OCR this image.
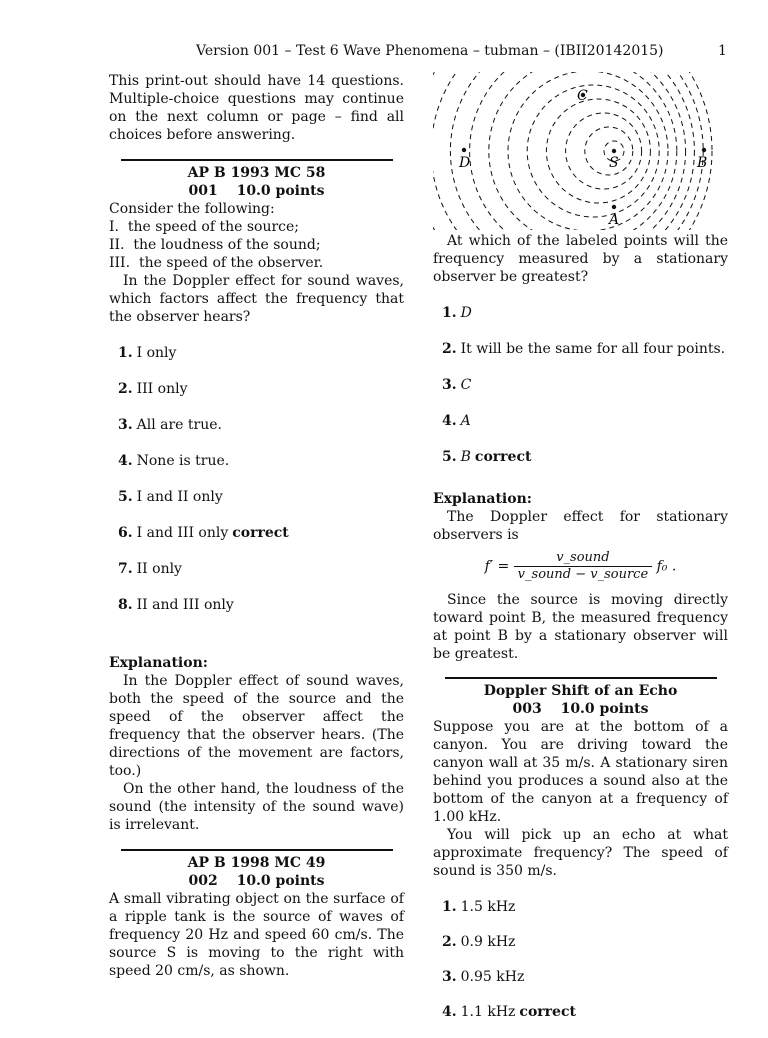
Version 001 – Test 6 Wave Phenomena – tubman – (IBII20142015)	1

This print-out should have 14 questions. Multiple-choice questions may continue on the next column or page – find all choices before answering.

AP B 1993 MC 58
001 10.0 points

Consider the following:

I.  the speed of the source;
II.  the loudness of the sound;
III.  the speed of the observer.

In the Doppler effect for sound waves, which factors affect the frequency that the observer hears?

1. I only
2. III only
3. All are true.
4. None is true.
5. I and II only
6. I and III only correct
7. II only
8. II and III only
Explanation:

In the Doppler effect of sound waves, both the speed of the source and the speed of the observer affect the frequency that the observer hears. (The directions of the movement are factors, too.)

On the other hand, the loudness of the sound (the intensity of the sound wave) is irrelevant.

AP B 1998 MC 49
002 10.0 points

A small vibrating object on the surface of a ripple tank is the source of waves of frequency 20 Hz and speed 60 cm/s. The source S is moving to the right with speed 20 cm/s, as shown.

C
D	S	B
A

At which of the labeled points will the frequency measured by a stationary observer be greatest?

1. D
2. It will be the same for all four points.
3. C
4. A
5. B correct
Explanation:

The Doppler effect for stationary observers is

$f' = \frac{\text{v\_sound}}{\text{v\_sound − v\_source}} f_0$ .

Since the source is moving directly toward point B, the measured frequency at point B by a stationary observer will be greatest.

Doppler Shift of an Echo
003 10.0 points

Suppose you are at the bottom of a canyon. You are driving toward the canyon wall at 35 m/s. A stationary siren behind you produces a sound also at the bottom of the canyon at a frequency of 1.00 kHz.

You will pick up an echo at what approximate frequency? The speed of sound is 350 m/s.

1. 1.5 kHz
2. 0.9 kHz
3. 0.95 kHz
4. 1.1 kHz correct
